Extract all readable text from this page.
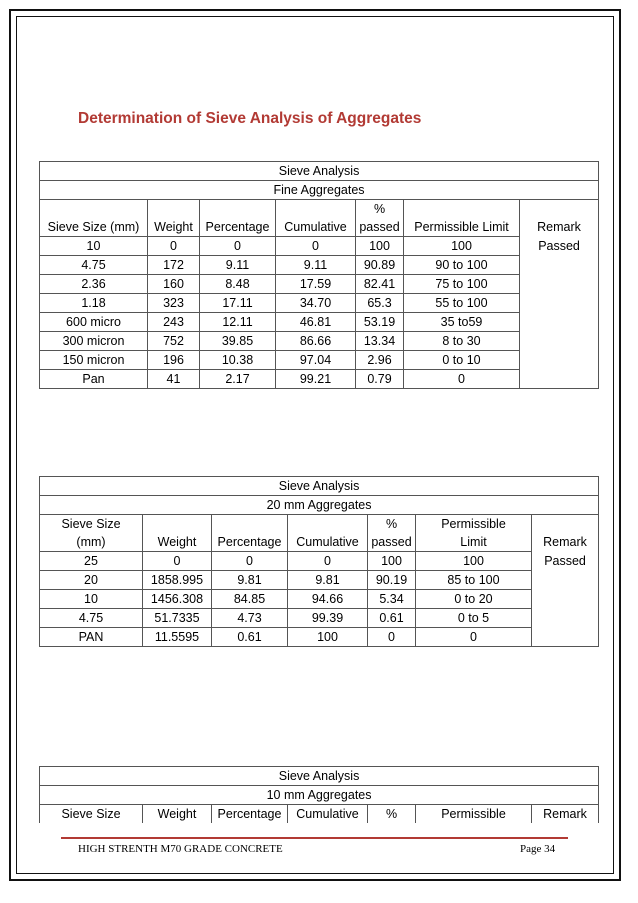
Determination of Sieve Analysis of Aggregates
Sieve Analysis						
Fine Aggregates						
				%		
Sieve Size (mm)	Weight	Percentage	Cumulative	passed	Permissible Limit	Remark
10	0	0	0	100	100	Passed
4.75	172	9.11	9.11	90.89	90 to 100	
2.36	160	8.48	17.59	82.41	75 to 100	
1.18	323	17.11	34.70	65.3	55 to 100	
600 micro	243	12.11	46.81	53.19	35 to59	
300 micron	752	39.85	86.66	13.34	8 to 30	
150 micron	196	10.38	97.04	2.96	0 to 10	
Pan	41	2.17	99.21	0.79	0	
Sieve Analysis						
20 mm Aggregates						
Sieve Size				%	Permissible	
(mm)	Weight	Percentage	Cumulative	passed	Limit	Remark
25	0	0	0	100	100	Passed
20	1858.995	9.81	9.81	90.19	85 to 100	
10	1456.308	84.85	94.66	5.34	0 to 20	
4.75	51.7335	4.73	99.39	0.61	0 to 5	
PAN	11.5595	0.61	100	0	0	
Sieve Analysis
10 mm Aggregates
Sieve Size	Weight	Percentage	Cumulative	%	Permissible	Remark
HIGH STRENTH M70 GRADE CONCRETE	Page 34
